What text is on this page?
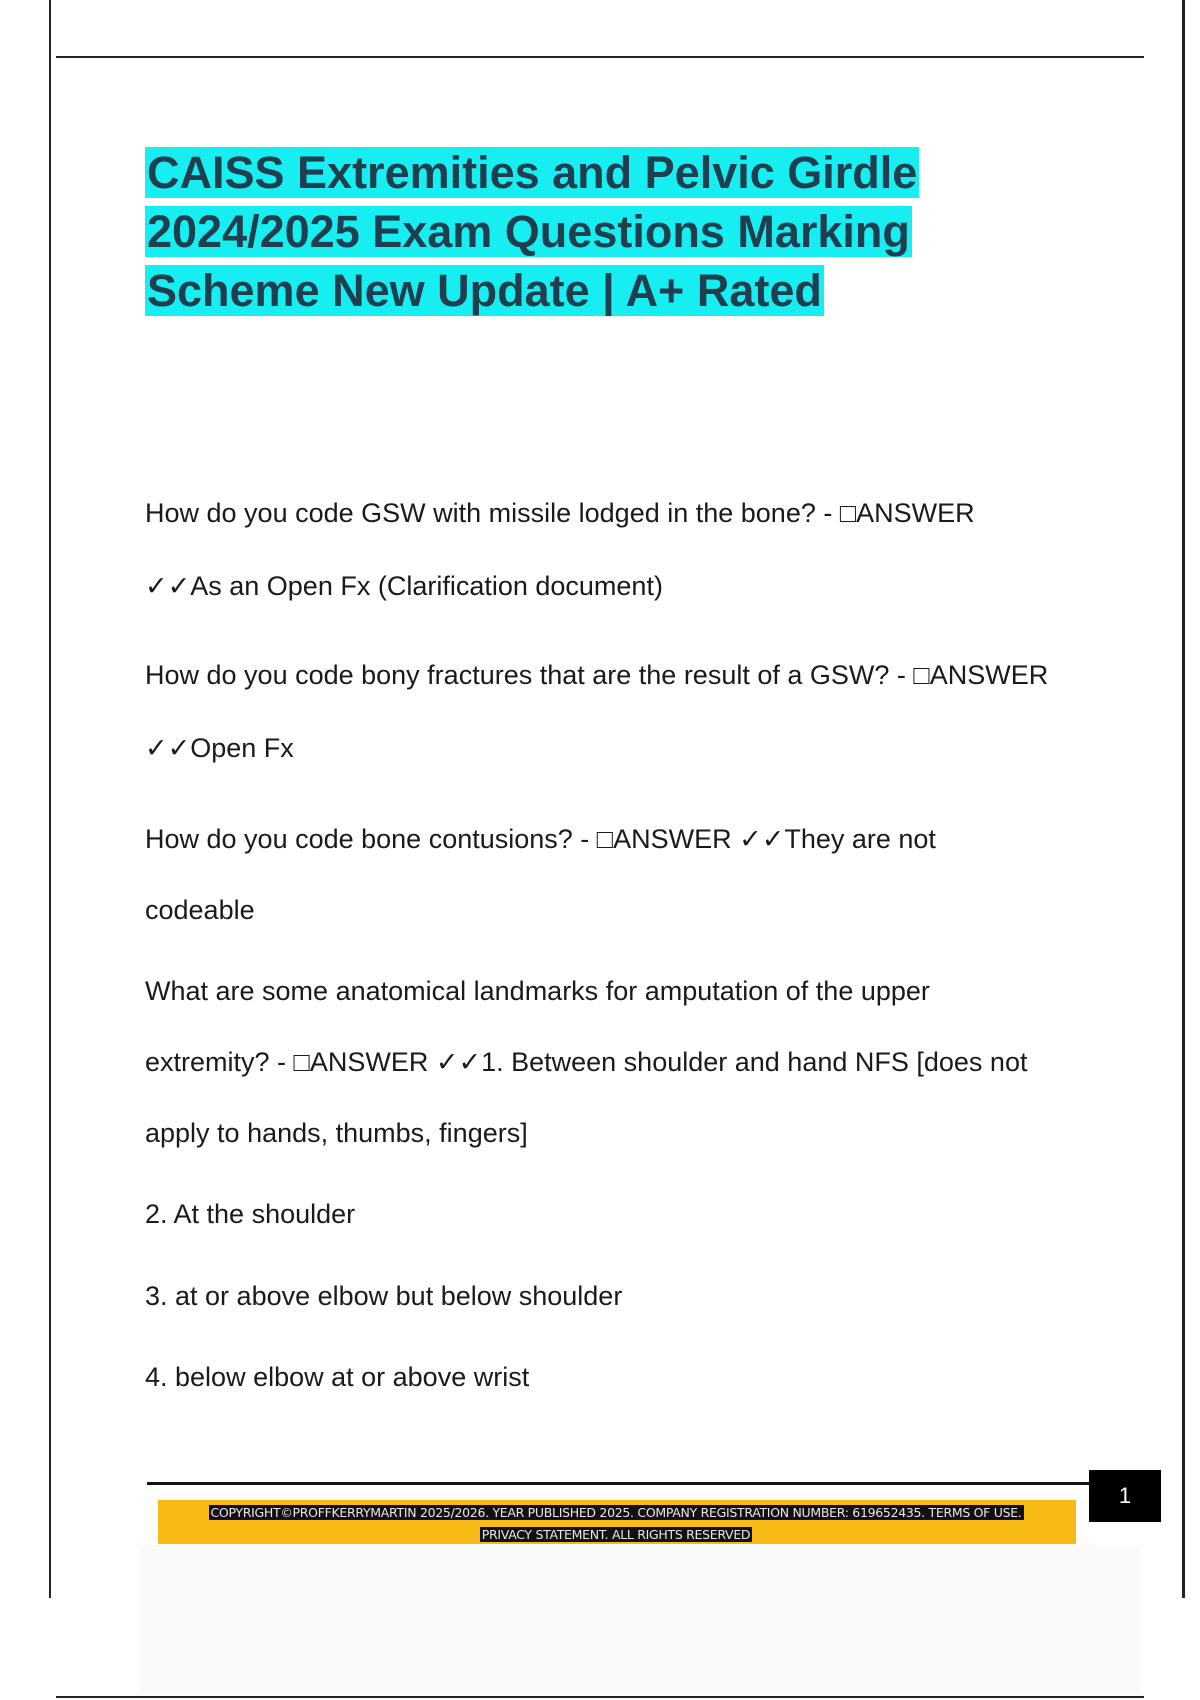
CAISS Extremities and Pelvic Girdle
2024/2025 Exam Questions Marking
Scheme New Update | A+ Rated
How do you code GSW with missile lodged in the bone? - □ANSWER
✓✓As an Open Fx (Clarification document)
How do you code bony fractures that are the result of a GSW? - □ANSWER
✓✓Open Fx
How do you code bone contusions? - □ANSWER ✓✓They are not
codeable
What are some anatomical landmarks for amputation of the upper
extremity? - □ANSWER ✓✓1. Between shoulder and hand NFS [does not
apply to hands, thumbs, fingers]
2. At the shoulder
3. at or above elbow but below shoulder
4. below elbow at or above wrist
1
COPYRIGHT©PROFFKERRYMARTIN 2025/2026. YEAR PUBLISHED 2025. COMPANY REGISTRATION NUMBER: 619652435. TERMS OF USE.
PRIVACY STATEMENT. ALL RIGHTS RESERVED
